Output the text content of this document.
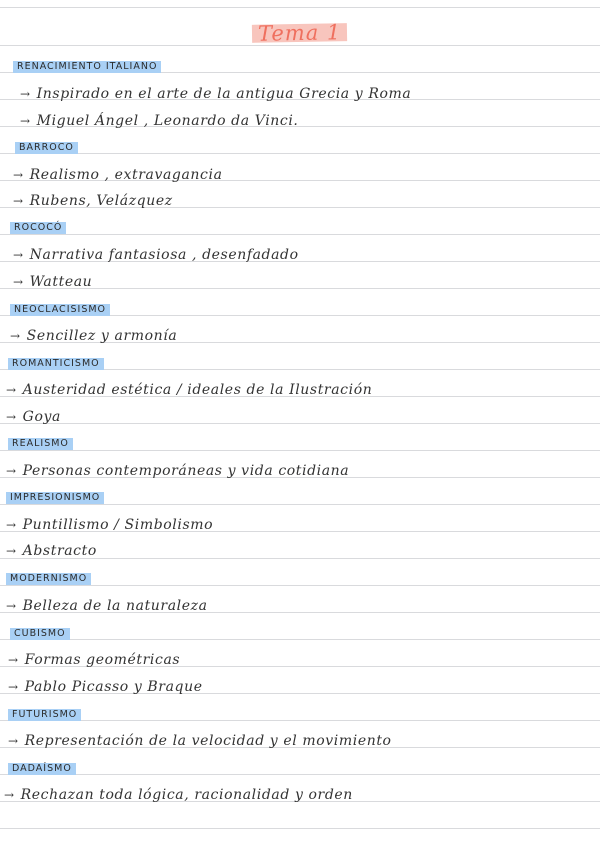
Tema 1
RENACIMIENTO ITALIANO
→ Inspirado en el arte de la antigua Grecia y Roma
→ Miguel Ángel , Leonardo da Vinci.
BARROCO
→ Realismo , extravagancia
→ Rubens, Velázquez
ROCOCÓ
→ Narrativa fantasiosa , desenfadado
→ Watteau
NEOCLACISISMO
→ Sencillez y armonía
ROMANTICISMO
→ Austeridad estética / ideales de la Ilustración
→ Goya
REALISMO
→ Personas contemporáneas y vida cotidiana
IMPRESIONISMO
→ Puntillismo / Simbolismo
→ Abstracto
MODERNISMO
→ Belleza de la naturaleza
CUBISMO
→ Formas geométricas
→ Pablo Picasso y Braque
FUTURISMO
→ Representación de la velocidad y el movimiento
DADAÍSMO
→ Rechazan toda lógica, racionalidad y orden
